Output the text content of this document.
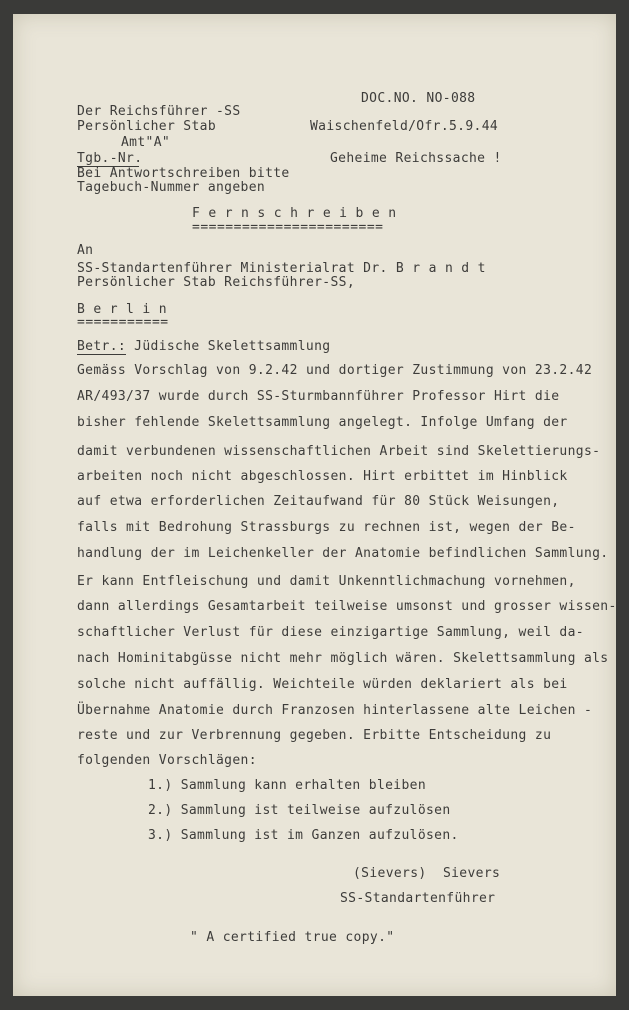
DOC.NO. NO-088
Der Reichsführer -SS
Waischenfeld/Ofr.5.9.44
Persönlicher Stab
Amt"A"
Tgb.-Nr.	Geheime Reichssache !
Bei Antwortschreiben bitte
Tagebuch-Nummer angeben
F e r n s c h r e i b e n
=======================
An
SS-Standartenführer Ministerialrat Dr. B r a n d t
Persönlicher Stab Reichsführer-SS,
B e r l i n
===========
Betr.: Jüdische Skelettsammlung
Gemäss Vorschlag von 9.2.42 und dortiger Zustimmung von 23.2.42
AR/493/37 wurde durch SS-Sturmbannführer Professor Hirt die
bisher fehlende Skelettsammlung angelegt. Infolge Umfang der
damit verbundenen wissenschaftlichen Arbeit sind Skelettierungs-
arbeiten noch nicht abgeschlossen. Hirt erbittet im Hinblick
auf etwa erforderlichen Zeitaufwand für 80 Stück Weisungen,
falls mit Bedrohung Strassburgs zu rechnen ist, wegen der Be-
handlung der im Leichenkeller der Anatomie befindlichen Sammlung.
Er kann Entfleischung und damit Unkenntlichmachung vornehmen,
dann allerdings Gesamtarbeit teilweise umsonst und grosser wissen-
schaftlicher Verlust für diese einzigartige Sammlung, weil da-
nach Hominitabgüsse nicht mehr möglich wären. Skelettsammlung als
solche nicht auffällig. Weichteile würden deklariert als bei
Übernahme Anatomie durch Franzosen hinterlassene alte Leichen -
reste und zur Verbrennung gegeben. Erbitte Entscheidung zu
folgenden Vorschlägen:
1.) Sammlung kann erhalten bleiben
2.) Sammlung ist teilweise aufzulösen
3.) Sammlung ist im Ganzen aufzulösen.
(Sievers)  Sievers
SS-Standartenführer
" A certified true copy."
